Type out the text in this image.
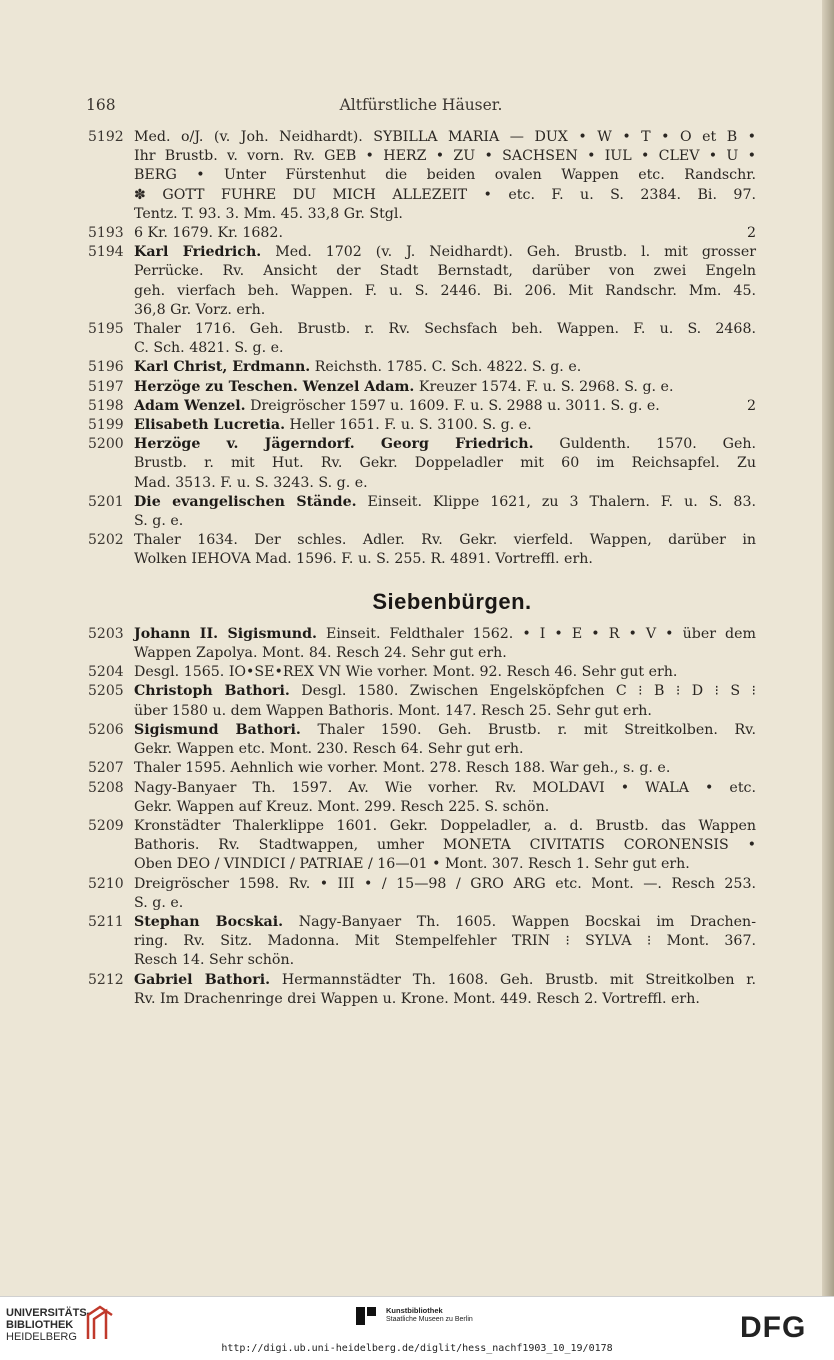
168	Altfürstliche Häuser.
5192 Med. o/J. (v. Joh. Neidhardt). SYBILLA MARIA — DUX • W • T • O et B •
Ihr Brustb. v. vorn. Rv. GEB • HERZ • ZU • SACHSEN • IUL • CLEV • U •
BERG • Unter Fürstenhut die beiden ovalen Wappen etc. Randschr.
✽ GOTT FUHRE DU MICH ALLEZEIT • etc. F. u. S. 2384. Bi. 97.
Tentz. T. 93. 3. Mm. 45. 33,8 Gr. Stgl.
5193 6 Kr. 1679. Kr. 1682.	2
5194 Karl Friedrich. Med. 1702 (v. J. Neidhardt). Geh. Brustb. l. mit grosser
Perrücke. Rv. Ansicht der Stadt Bernstadt, darüber von zwei Engeln
geh. vierfach beh. Wappen. F. u. S. 2446. Bi. 206. Mit Randschr. Mm. 45.
36,8 Gr. Vorz. erh.
5195 Thaler 1716. Geh. Brustb. r. Rv. Sechsfach beh. Wappen. F. u. S. 2468.
C. Sch. 4821. S. g. e.
5196 Karl Christ, Erdmann. Reichsth. 1785. C. Sch. 4822. S. g. e.
5197 Herzöge zu Teschen. Wenzel Adam. Kreuzer 1574. F. u. S. 2968. S. g. e.
5198 Adam Wenzel. Dreigröscher 1597 u. 1609. F. u. S. 2988 u. 3011. S. g. e.	2
5199 Elisabeth Lucretia. Heller 1651. F. u. S. 3100. S. g. e.
5200 Herzöge v. Jägerndorf. Georg Friedrich. Guldenth. 1570. Geh.
Brustb. r. mit Hut. Rv. Gekr. Doppeladler mit 60 im Reichsapfel. Zu
Mad. 3513. F. u. S. 3243. S. g. e.
5201 Die evangelischen Stände. Einseit. Klippe 1621, zu 3 Thalern. F. u. S. 83.
S. g. e.
5202 Thaler 1634. Der schles. Adler. Rv. Gekr. vierfeld. Wappen, darüber in
Wolken IEHOVA Mad. 1596. F. u. S. 255. R. 4891. Vortreffl. erh.
Siebenbürgen.
5203 Johann II. Sigismund. Einseit. Feldthaler 1562. • I • E • R • V • über dem
Wappen Zapolya. Mont. 84. Resch 24. Sehr gut erh.
5204 Desgl. 1565. IO•SE•REX VN Wie vorher. Mont. 92. Resch 46. Sehr gut erh.
5205 Christoph Bathori. Desgl. 1580. Zwischen Engelsköpfchen C ⁝ B ⁝ D ⁝ S ⁝
über 1580 u. dem Wappen Bathoris. Mont. 147. Resch 25. Sehr gut erh.
5206 Sigismund Bathori. Thaler 1590. Geh. Brustb. r. mit Streitkolben. Rv.
Gekr. Wappen etc. Mont. 230. Resch 64. Sehr gut erh.
5207 Thaler 1595. Aehnlich wie vorher. Mont. 278. Resch 188. War geh., s. g. e.
5208 Nagy-Banyaer Th. 1597. Av. Wie vorher. Rv. MOLDAVI • WALA • etc.
Gekr. Wappen auf Kreuz. Mont. 299. Resch 225. S. schön.
5209 Kronstädter Thalerklippe 1601. Gekr. Doppeladler, a. d. Brustb. das Wappen
Bathoris. Rv. Stadtwappen, umher MONETA CIVITATIS CORONENSIS •
Oben DEO / VINDICI / PATRIAE / 16—01 • Mont. 307. Resch 1. Sehr gut erh.
5210 Dreigröscher 1598. Rv. • III • / 15—98 / GRO ARG etc. Mont. —. Resch 253.
S. g. e.
5211 Stephan Bocskai. Nagy-Banyaer Th. 1605. Wappen Bocskai im Drachen-
ring. Rv. Sitz. Madonna. Mit Stempelfehler TRIN ⁝ SYLVA ⁝ Mont. 367.
Resch 14. Sehr schön.
5212 Gabriel Bathori. Hermannstädter Th. 1608. Geh. Brustb. mit Streitkolben r.
Rv. Im Drachenringe drei Wappen u. Krone. Mont. 449. Resch 2. Vortreffl. erh.
UNIVERSITÄTS-
BIBLIOTHEK
HEIDELBERG
Kunstbibliothek
Staatliche Museen zu Berlin
http://digi.ub.uni-heidelberg.de/diglit/hess_nachf1903_10_19/0178
DFG
